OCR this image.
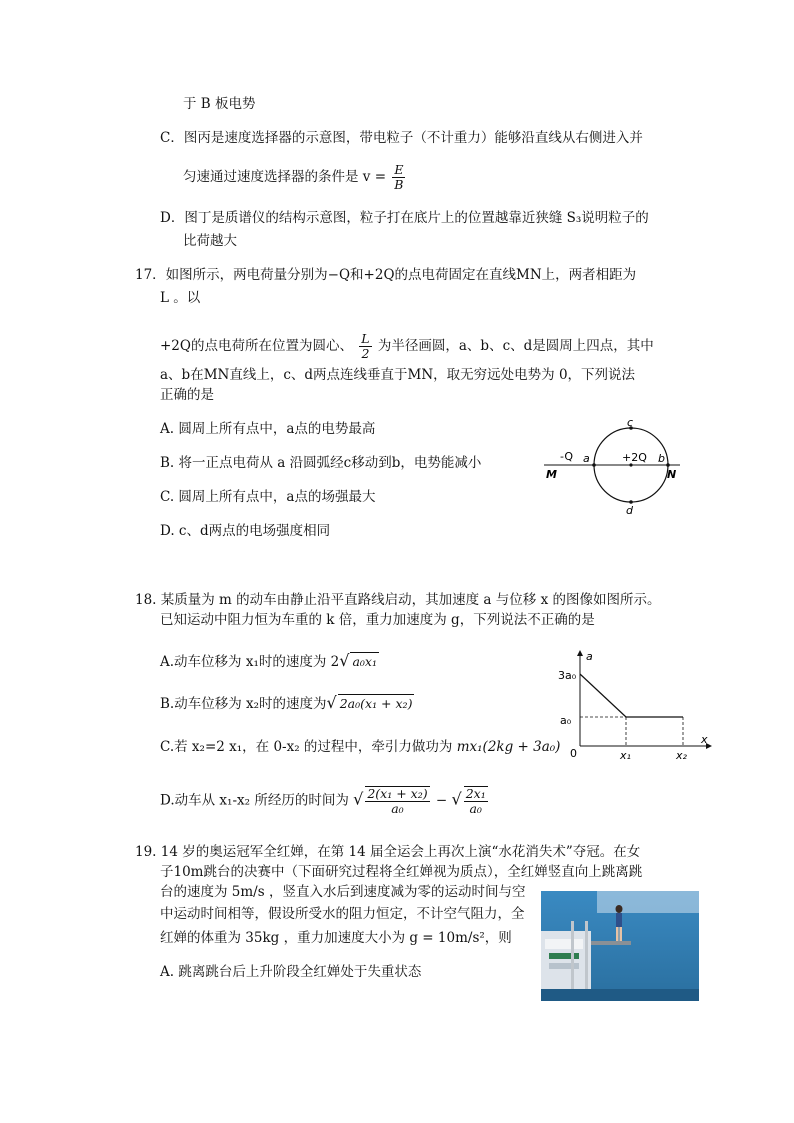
于 B 板电势
C．图丙是速度选择器的示意图，带电粒子（不计重力）能够沿直线从右侧进入并
匀速通过速度选择器的条件是 $v = \frac{E}{B}$
D．图丁是质谱仪的结构示意图，粒子打在底片上的位置越靠近狭缝 S₃说明粒子的
比荷越大
17．如图所示，两电荷量分别为−Q和+2Q的点电荷固定在直线MN上，两者相距为
L 。以
+2Q的点电荷所在位置为圆心、 $\frac{L}{2}$ 为半径画圆，a、b、c、d是圆周上四点，其中
a、b在MN直线上，c、d两点连线垂直于MN，取无穷远处电势为 0，下列说法
正确的是
A. 圆周上所有点中，a点的电势最高
B. 将一正点电荷从 a 沿圆弧经c移动到b，电势能减小
C. 圆周上所有点中，a点的场强最大
D. c、d两点的电场强度相同
-Q	+2Q
a	b
c
d
M	N
18. 某质量为 m 的动车由静止沿平直路线启动，其加速度 a 与位移 x 的图像如图所示。
已知运动中阻力恒为车重的 k 倍，重力加速度为 g，下列说法不正确的是
A.动车位移为 x₁时的速度为 2√ a₀x₁
B.动车位移为 x₂时的速度为√ 2a₀(x₁ + x₂)
C.若 x₂=2 x₁，在 0-x₂ 的过程中，牵引力做功为 mx₁(2kg + 3a₀)
D.动车从 x₁-x₂ 所经历的时间为 √ $\frac{\text{2(x₁ + x₂)}}{\text{a₀}}$ − √ $\frac{\text{2x₁}}{\text{a₀}}$
a
x
3a₀
a₀
0	x₁	x₂
19. 14 岁的奥运冠军全红婵，在第 14 届全运会上再次上演“水花消失术”夺冠。在女
子10m跳台的决赛中（下面研究过程将全红婵视为质点），全红婵竖直向上跳离跳
台的速度为 5m/s ，竖直入水后到速度减为零的运动时间与空
中运动时间相等，假设所受水的阻力恒定，不计空气阻力，全
红婵的体重为 35kg ，重力加速度大小为 g = 10m/s²，则
A. 跳离跳台后上升阶段全红婵处于失重状态
